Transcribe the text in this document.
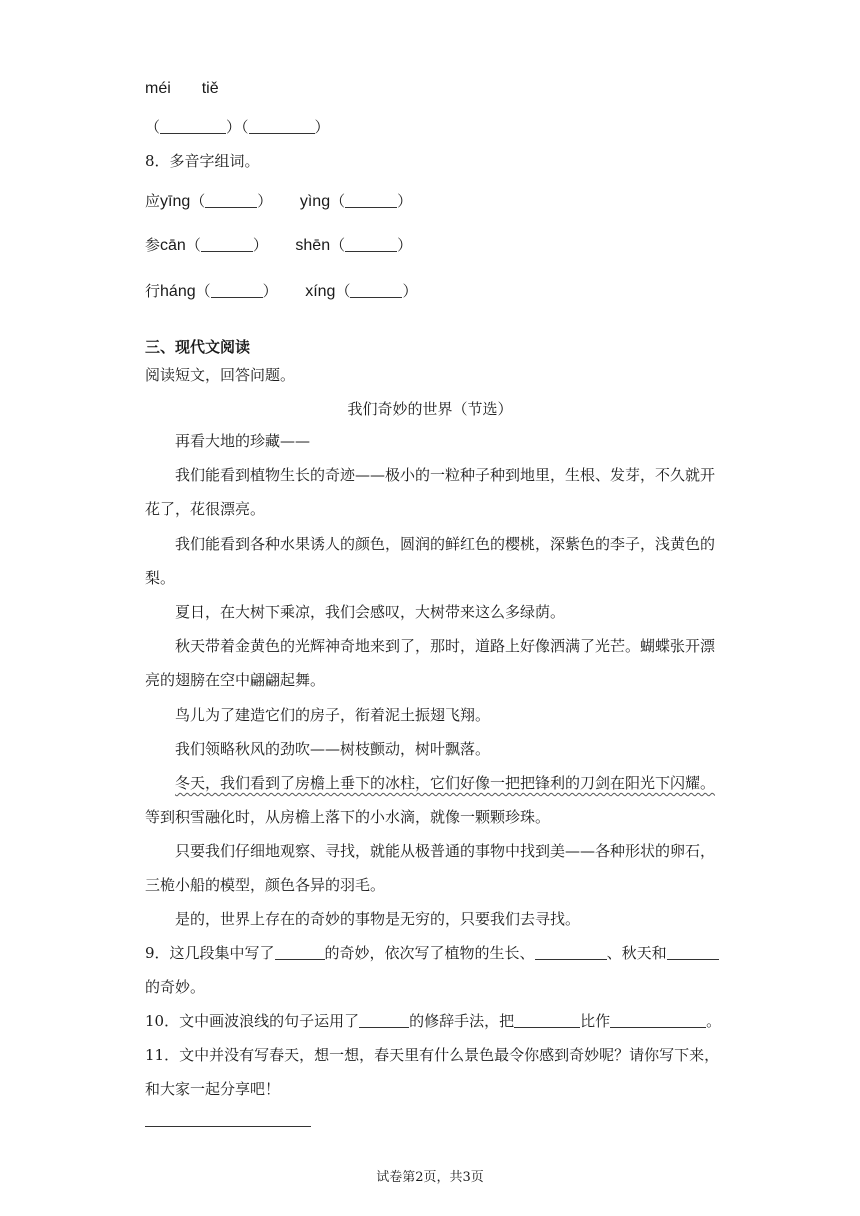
méi tiě
（	）（	）
8．多音字组词。
应yīng（	） yìng（	）
参cān（	） shēn（	）
行háng（	） xíng（	）
三、现代文阅读
阅读短文，回答问题。
我们奇妙的世界（节选）
再看大地的珍藏——
我们能看到植物生长的奇迹——极小的一粒种子种到地里，生根、发芽，不久就开
花了，花很漂亮。
我们能看到各种水果诱人的颜色，圆润的鲜红色的樱桃，深紫色的李子，浅黄色的
梨。
夏日，在大树下乘凉，我们会感叹，大树带来这么多绿荫。
秋天带着金黄色的光辉神奇地来到了，那时，道路上好像洒满了光芒。蝴蝶张开漂
亮的翅膀在空中翩翩起舞。
鸟儿为了建造它们的房子，衔着泥土振翅飞翔。
我们领略秋风的劲吹——树枝颤动，树叶飘落。
冬天，我们看到了房檐上垂下的冰柱，它们好像一把把锋利的刀剑在阳光下闪耀。
等到积雪融化时，从房檐上落下的小水滴，就像一颗颗珍珠。
只要我们仔细地观察、寻找，就能从极普通的事物中找到美——各种形状的卵石，
三桅小船的模型，颜色各异的羽毛。
是的，世界上存在的奇妙的事物是无穷的，只要我们去寻找。
9．这几段集中写了	的奇妙，依次写了植物的生长、	、秋天和
的奇妙。
10．文中画波浪线的句子运用了	的修辞手法，把	比作	。
11．文中并没有写春天，想一想，春天里有什么景色最令你感到奇妙呢？请你写下来，
和大家一起分享吧！
试卷第2页，共3页
